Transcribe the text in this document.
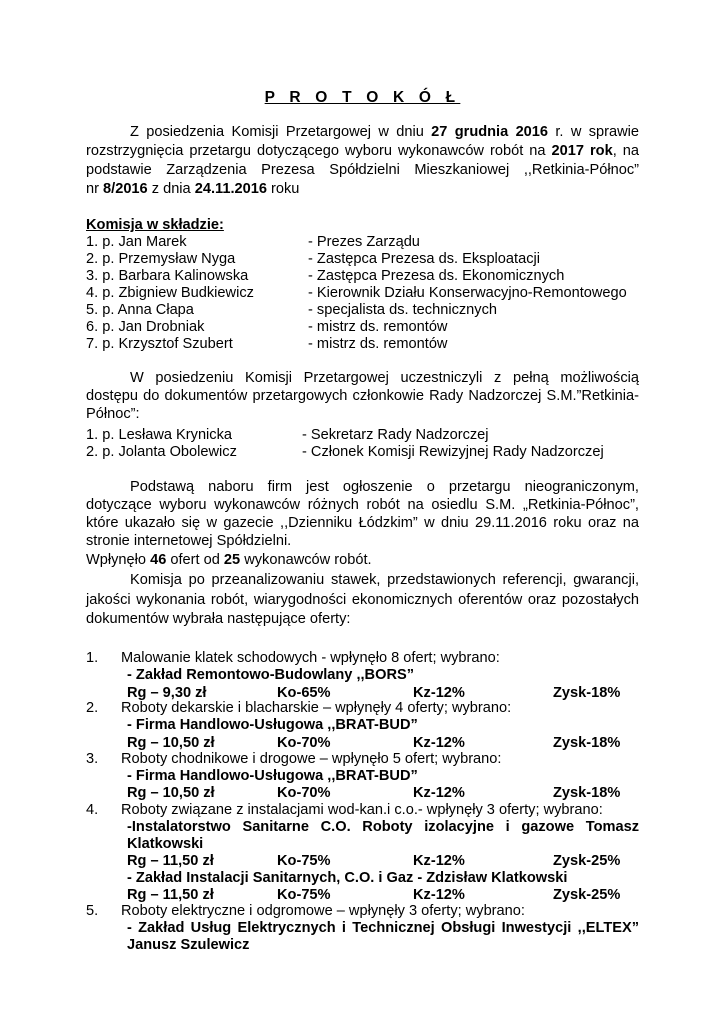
P R O T O K Ó Ł
Z posiedzenia Komisji Przetargowej w dniu 27 grudnia 2016 r. w sprawie
rozstrzygnięcia przetargu dotyczącego wyboru wykonawców robót na 2017 rok, na
podstawie Zarządzenia Prezesa Spółdzielni Mieszkaniowej ,,Retkinia-Północ”
nr 8/2016 z dnia 24.11.2016 roku
Komisja w składzie:
1. p. Jan Marek	- Prezes Zarządu
2. p. Przemysław Nyga	- Zastępca Prezesa ds. Eksploatacji
3. p. Barbara Kalinowska	- Zastępca Prezesa ds. Ekonomicznych
4. p. Zbigniew Budkiewicz	- Kierownik Działu Konserwacyjno-Remontowego
5. p. Anna Cłapa	- specjalista ds. technicznych
6. p. Jan Drobniak	- mistrz ds. remontów
7. p. Krzysztof Szubert	- mistrz ds. remontów
W posiedzeniu Komisji Przetargowej uczestniczyli z pełną możliwością
dostępu do dokumentów przetargowych członkowie Rady Nadzorczej S.M.”Retkinia-
Północ”:
1. p. Lesława Krynicka	- Sekretarz Rady Nadzorczej
2. p. Jolanta Obolewicz	- Członek Komisji Rewizyjnej Rady Nadzorczej
Podstawą naboru firm jest ogłoszenie o przetargu nieograniczonym,
dotyczące wyboru wykonawców różnych robót na osiedlu S.M. „Retkinia-Północ”,
które ukazało się w gazecie ,,Dzienniku Łódzkim” w dniu 29.11.2016 roku oraz na
stronie internetowej Spółdzielni.
Wpłynęło 46 ofert od 25 wykonawców robót.
Komisja po przeanalizowaniu stawek, przedstawionych referencji, gwarancji,
jakości wykonania robót, wiarygodności ekonomicznych oferentów oraz pozostałych
dokumentów wybrała następujące oferty:
1. Malowanie klatek schodowych - wpłynęło 8 ofert; wybrano:
- Zakład Remontowo-Budowlany ,,BORS”
Rg – 9,30 zł	Ko-65%	Kz-12%	Zysk-18%
2. Roboty dekarskie i blacharskie – wpłynęły 4 oferty; wybrano:
- Firma Handlowo-Usługowa ,,BRAT-BUD”
Rg – 10,50 zł	Ko-70%	Kz-12%	Zysk-18%
3. Roboty chodnikowe i drogowe – wpłynęło 5 ofert; wybrano:
- Firma Handlowo-Usługowa ,,BRAT-BUD”
Rg – 10,50 zł	Ko-70%	Kz-12%	Zysk-18%
4. Roboty związane z instalacjami wod-kan.i c.o.- wpłynęły 3 oferty; wybrano:
-Instalatorstwo Sanitarne C.O. Roboty izolacyjne i gazowe Tomasz
Klatkowski
Rg – 11,50 zł	Ko-75%	Kz-12%	Zysk-25%
- Zakład Instalacji Sanitarnych, C.O. i Gaz - Zdzisław Klatkowski
Rg – 11,50 zł	Ko-75%	Kz-12%	Zysk-25%
5. Roboty elektryczne i odgromowe – wpłynęły 3 oferty; wybrano:
- Zakład Usług Elektrycznych i Technicznej Obsługi Inwestycji ,,ELTEX”
Janusz Szulewicz
